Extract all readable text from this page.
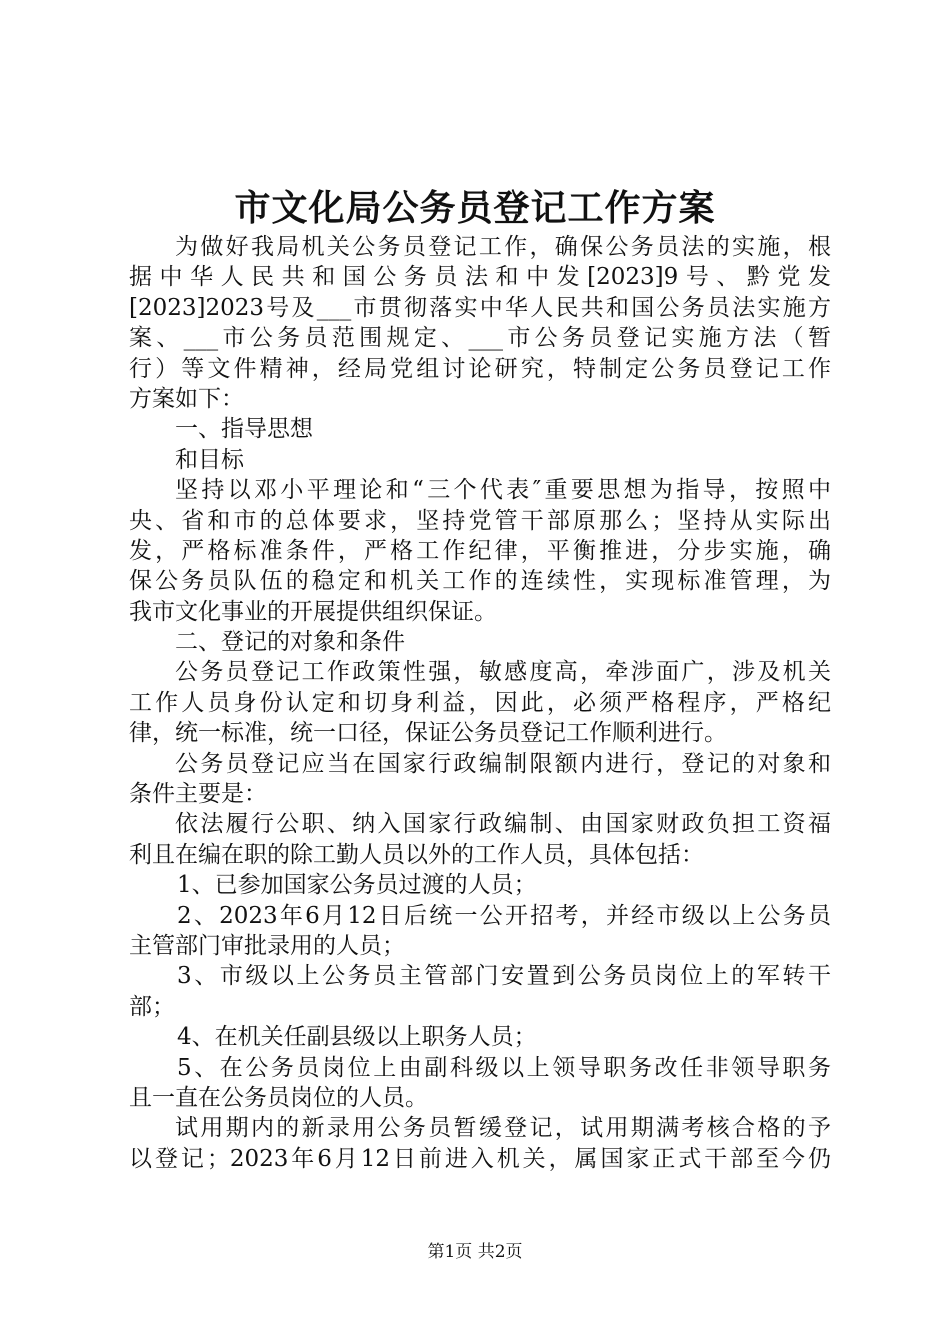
市文化局公务员登记工作方案
为做好我局机关公务员登记工作，确保公务员法的实施，根
据中华人民共和国公务员法和中发[2023]9号、黔党发
[2023]2023号及___市贯彻落实中华人民共和国公务员法实施方
案、___市公务员范围规定、___市公务员登记实施方法（暂
行）等文件精神，经局党组讨论研究，特制定公务员登记工作
方案如下：
一、指导思想
和目标
坚持以邓小平理论和“三个代表″重要思想为指导，按照中
央、省和市的总体要求，坚持党管干部原那么；坚持从实际出
发，严格标准条件，严格工作纪律，平衡推进，分步实施，确
保公务员队伍的稳定和机关工作的连续性，实现标准管理，为
我市文化事业的开展提供组织保证。
二、登记的对象和条件
公务员登记工作政策性强，敏感度高，牵涉面广，涉及机关
工作人员身份认定和切身利益，因此，必须严格程序，严格纪
律，统一标准，统一口径，保证公务员登记工作顺利进行。
公务员登记应当在国家行政编制限额内进行，登记的对象和
条件主要是：
依法履行公职、纳入国家行政编制、由国家财政负担工资福
利且在编在职的除工勤人员以外的工作人员，具体包括：
1、已参加国家公务员过渡的人员；
2、2023年6月12日后统一公开招考，并经市级以上公务员
主管部门审批录用的人员；
3、市级以上公务员主管部门安置到公务员岗位上的军转干
部；
4、在机关任副县级以上职务人员；
5、在公务员岗位上由副科级以上领导职务改任非领导职务
且一直在公务员岗位的人员。
试用期内的新录用公务员暂缓登记，试用期满考核合格的予
以登记；2023年6月12日前进入机关，属国家正式干部至今仍
第1页 共2页
